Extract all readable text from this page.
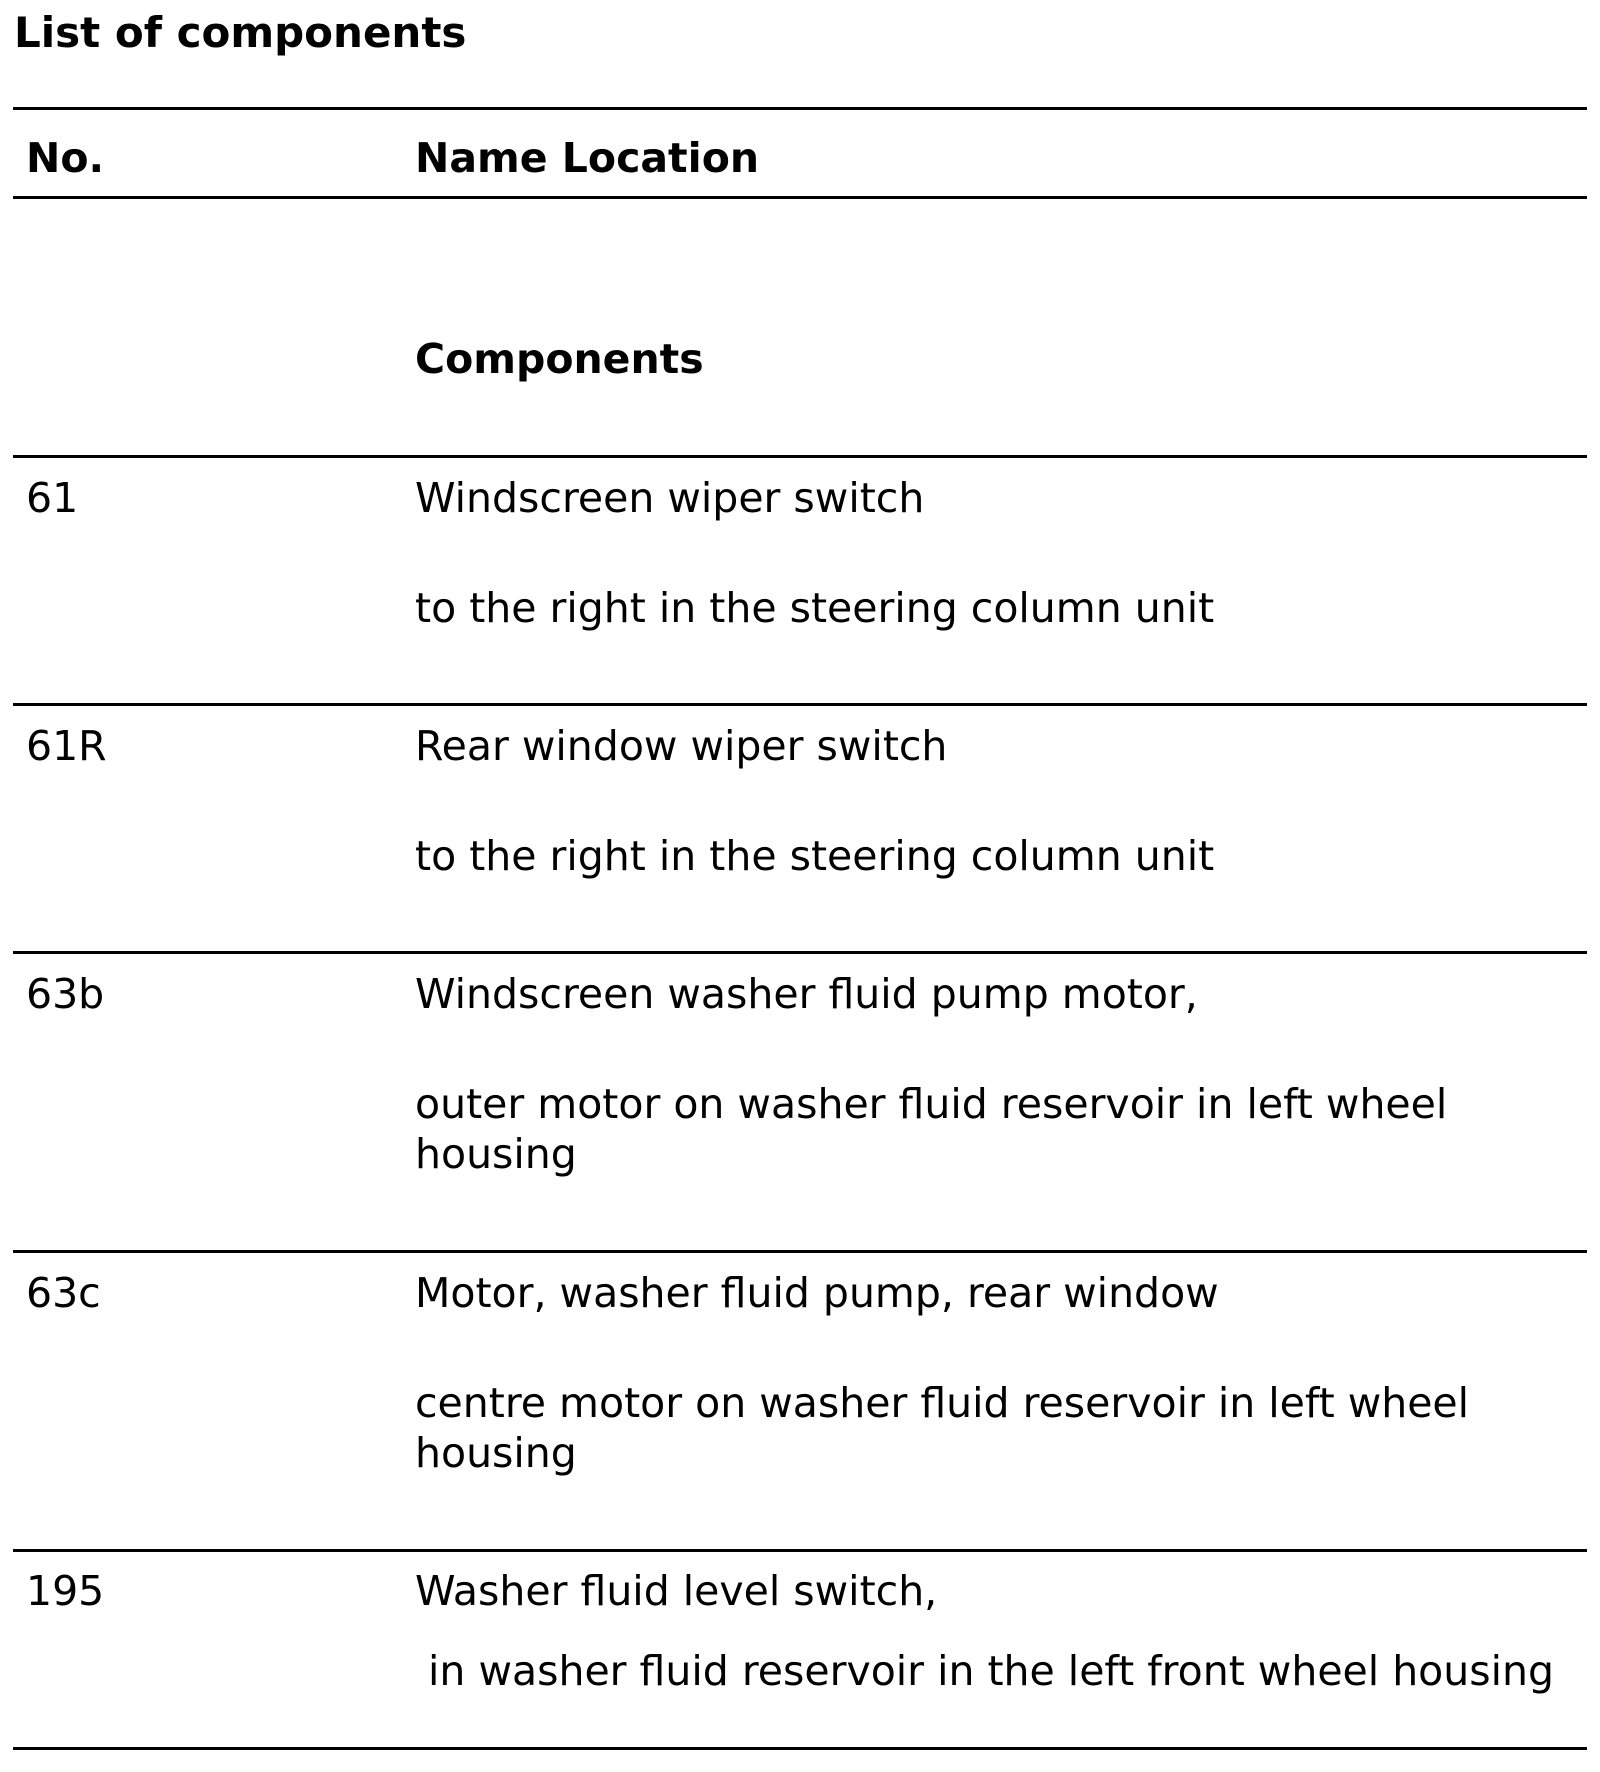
List of components
No.	Name Location
Components
61	Windscreen wiper switch
to the right in the steering column unit
61R	Rear window wiper switch
to the right in the steering column unit
63b	Windscreen washer fluid pump motor,
outer motor on washer fluid reservoir in left wheel housing
63c	Motor, washer fluid pump, rear window
centre motor on washer fluid reservoir in left wheel housing
195	Washer fluid level switch,
in washer fluid reservoir in the left front wheel housing
